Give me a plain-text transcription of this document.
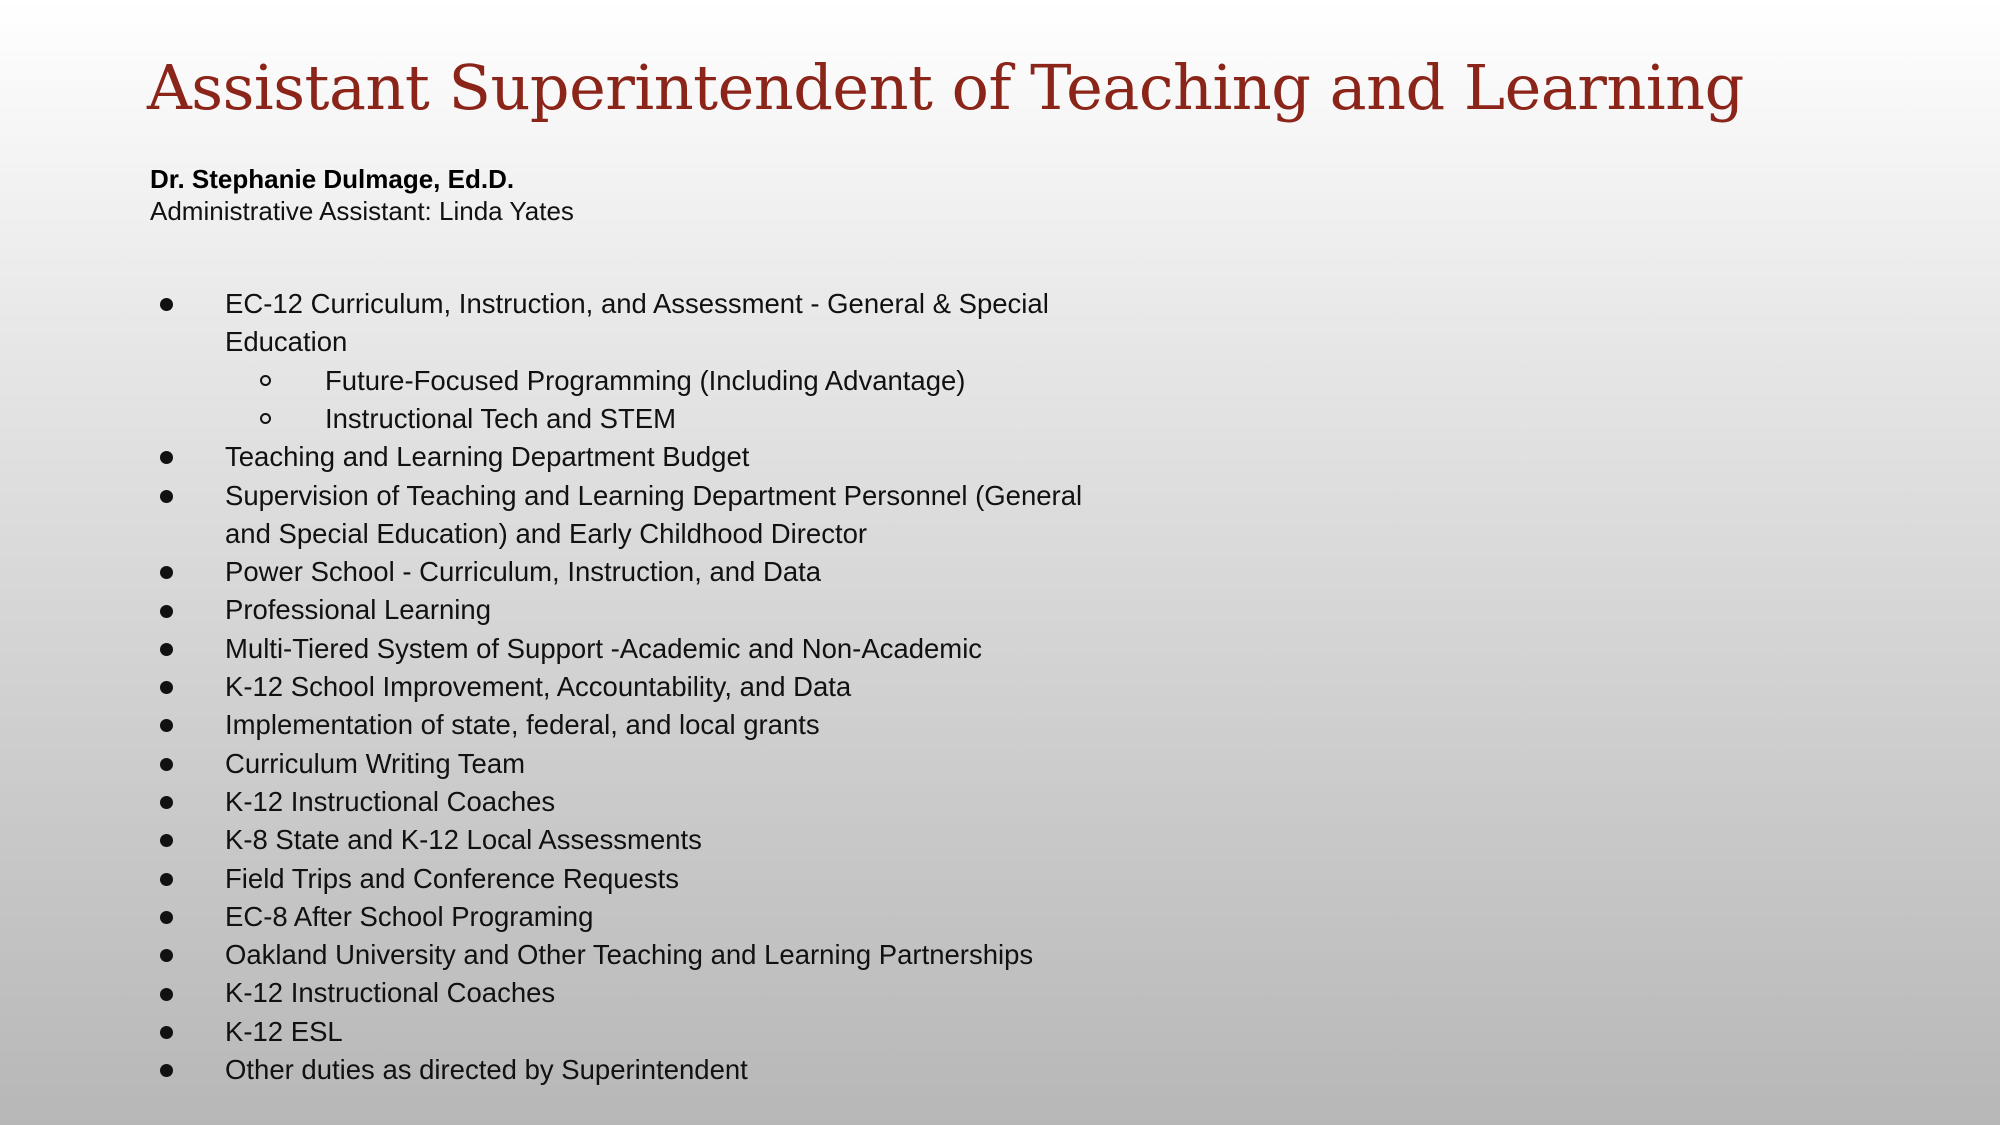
Assistant Superintendent of Teaching and Learning
Dr. Stephanie Dulmage, Ed.D.
Administrative Assistant: Linda Yates
EC-12 Curriculum, Instruction, and Assessment - General & Special
Education
Future-Focused Programming (Including Advantage)
Instructional Tech and STEM
Teaching and Learning Department Budget
Supervision of Teaching and Learning Department Personnel (General
and Special Education) and Early Childhood Director
Power School - Curriculum, Instruction, and Data
Professional Learning
Multi-Tiered System of Support -Academic and Non-Academic
K-12 School Improvement, Accountability, and Data
Implementation of state, federal, and local grants
Curriculum Writing Team
K-12 Instructional Coaches
K-8 State and K-12 Local Assessments
Field Trips and Conference Requests
EC-8 After School Programing
Oakland University and Other Teaching and Learning Partnerships
K-12 Instructional Coaches
K-12 ESL
Other duties as directed by Superintendent
